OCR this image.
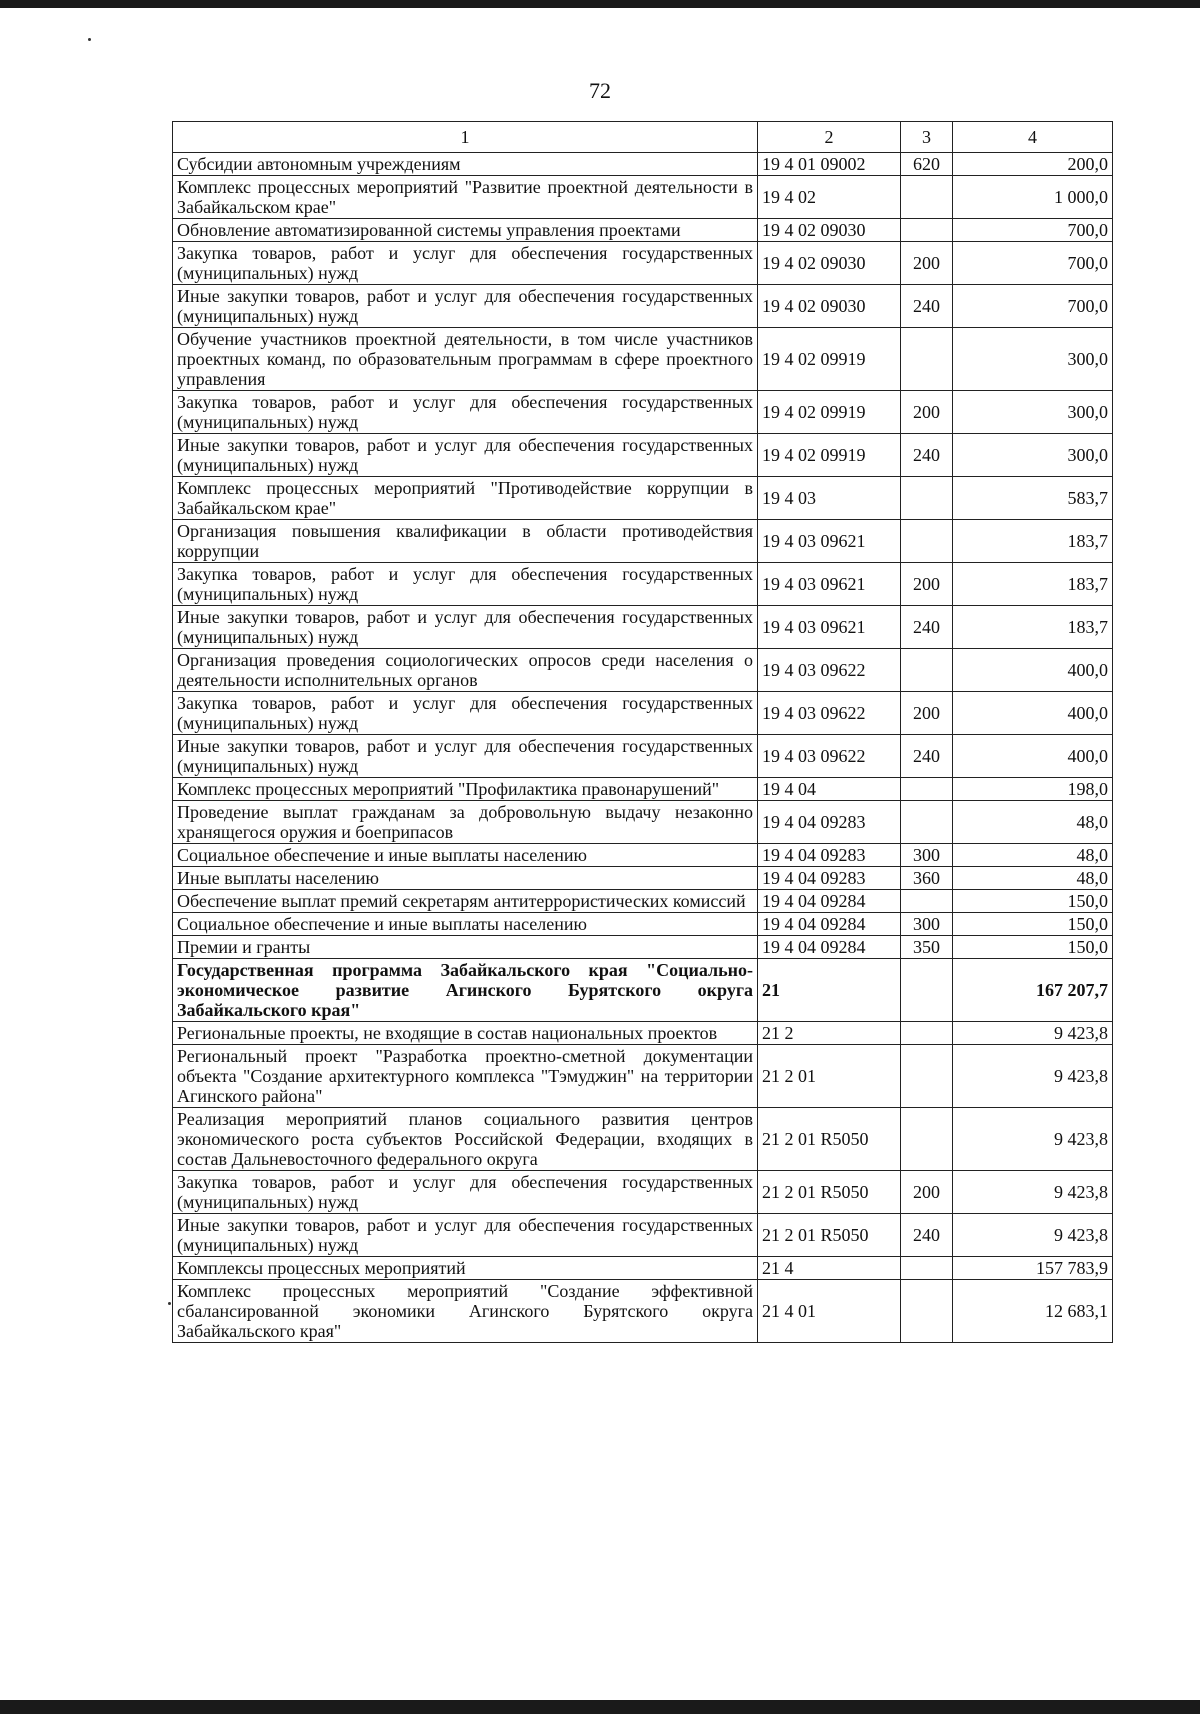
72
1	2	3	4
Субсидии автономным учреждениям	19 4 01 09002	620	200,0
Комплекс процессных мероприятий "Развитие проектной деятельности в Забайкальском крае"	19 4 02		1 000,0
Обновление автоматизированной системы управления проектами	19 4 02 09030		700,0
Закупка товаров, работ и услуг для обеспечения государственных (муниципальных) нужд	19 4 02 09030	200	700,0
Иные закупки товаров, работ и услуг для обеспечения государственных (муниципальных) нужд	19 4 02 09030	240	700,0
Обучение участников проектной деятельности, в том числе участников проектных команд, по образовательным программам в сфере проектного управления	19 4 02 09919		300,0
Закупка товаров, работ и услуг для обеспечения государственных (муниципальных) нужд	19 4 02 09919	200	300,0
Иные закупки товаров, работ и услуг для обеспечения государственных (муниципальных) нужд	19 4 02 09919	240	300,0
Комплекс процессных мероприятий "Противодействие коррупции в Забайкальском крае"	19 4 03		583,7
Организация повышения квалификации в области противодействия коррупции	19 4 03 09621		183,7
Закупка товаров, работ и услуг для обеспечения государственных (муниципальных) нужд	19 4 03 09621	200	183,7
Иные закупки товаров, работ и услуг для обеспечения государственных (муниципальных) нужд	19 4 03 09621	240	183,7
Организация проведения социологических опросов среди населения о деятельности исполнительных органов	19 4 03 09622		400,0
Закупка товаров, работ и услуг для обеспечения государственных (муниципальных) нужд	19 4 03 09622	200	400,0
Иные закупки товаров, работ и услуг для обеспечения государственных (муниципальных) нужд	19 4 03 09622	240	400,0
Комплекс процессных мероприятий "Профилактика правонарушений"	19 4 04		198,0
Проведение выплат гражданам за добровольную выдачу незаконно хранящегося оружия и боеприпасов	19 4 04 09283		48,0
Социальное обеспечение и иные выплаты населению	19 4 04 09283	300	48,0
Иные выплаты населению	19 4 04 09283	360	48,0
Обеспечение выплат премий секретарям антитеррористических комиссий	19 4 04 09284		150,0
Социальное обеспечение и иные выплаты населению	19 4 04 09284	300	150,0
Премии и гранты	19 4 04 09284	350	150,0
Государственная программа Забайкальского края "Социально-экономическое развитие Агинского Бурятского округа Забайкальского края"	21		167 207,7
Региональные проекты, не входящие в состав национальных проектов	21 2		9 423,8
Региональный проект "Разработка проектно-сметной документации объекта "Создание архитектурного комплекса "Тэмуджин" на территории Агинского района"	21 2 01		9 423,8
Реализация мероприятий планов социального развития центров экономического роста субъектов Российской Федерации, входящих в состав Дальневосточного федерального округа	21 2 01 R5050		9 423,8
Закупка товаров, работ и услуг для обеспечения государственных (муниципальных) нужд	21 2 01 R5050	200	9 423,8
Иные закупки товаров, работ и услуг для обеспечения государственных (муниципальных) нужд	21 2 01 R5050	240	9 423,8
Комплексы процессных мероприятий	21 4		157 783,9
Комплекс процессных мероприятий "Создание эффективной сбалансированной экономики Агинского Бурятского округа Забайкальского края"	21 4 01		12 683,1
